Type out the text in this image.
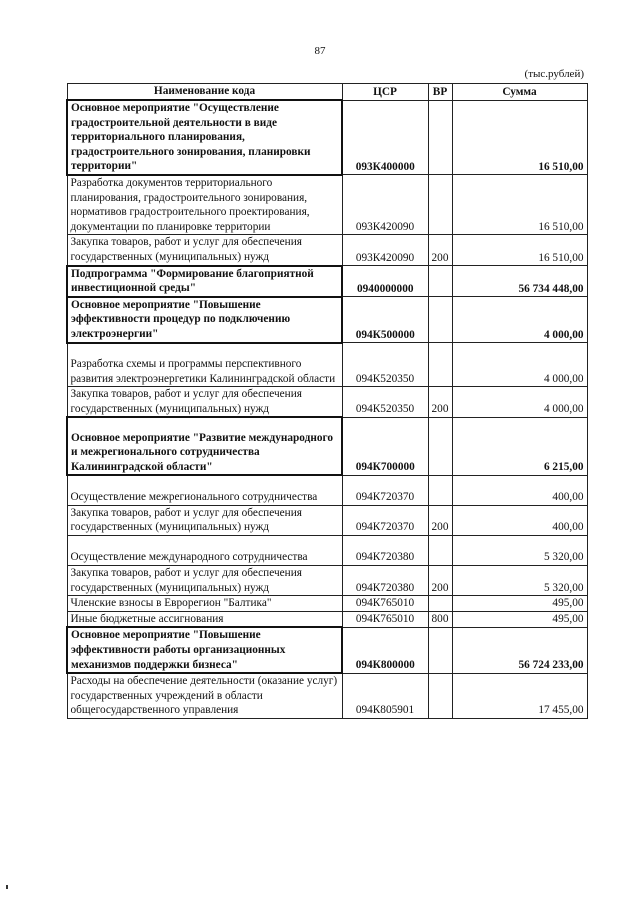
87
(тыс.рублей)
Наименование кода	ЦСР	ВР	Сумма
Основное мероприятие "Осуществление градостроительной деятельности в виде территориального планирования, градостроительного зонирования, планировки территории"	093К400000		16 510,00
Разработка документов территориального планирования, градостроительного зонирования, нормативов градостроительного проектирования, документации по планировке территории	093К420090		16 510,00
Закупка товаров, работ и услуг для обеспечения государственных (муниципальных) нужд	093К420090	200	16 510,00
Подпрограмма "Формирование благоприятной инвестиционной среды"	0940000000		56 734 448,00
Основное мероприятие "Повышение эффективности процедур по подключению электроэнергии"	094К500000		4 000,00
Разработка схемы и программы перспективного развития электроэнергетики Калининградской области	094К520350		4 000,00
Закупка товаров, работ и услуг для обеспечения государственных (муниципальных) нужд	094К520350	200	4 000,00
Основное мероприятие "Развитие международного и межрегионального сотрудничества Калининградской области"	094К700000		6 215,00
Осуществление межрегионального сотрудничества	094К720370		400,00
Закупка товаров, работ и услуг для обеспечения государственных (муниципальных) нужд	094К720370	200	400,00
Осуществление международного сотрудничества	094К720380		5 320,00
Закупка товаров, работ и услуг для обеспечения государственных (муниципальных) нужд	094К720380	200	5 320,00
Членские взносы в Еврорегион "Балтика"	094К765010		495,00
Иные бюджетные ассигнования	094К765010	800	495,00
Основное мероприятие "Повышение эффективности работы организационных механизмов поддержки бизнеса"	094К800000		56 724 233,00
Расходы на обеспечение деятельности (оказание услуг) государственных учреждений в области общегосударственного управления	094К805901		17 455,00
